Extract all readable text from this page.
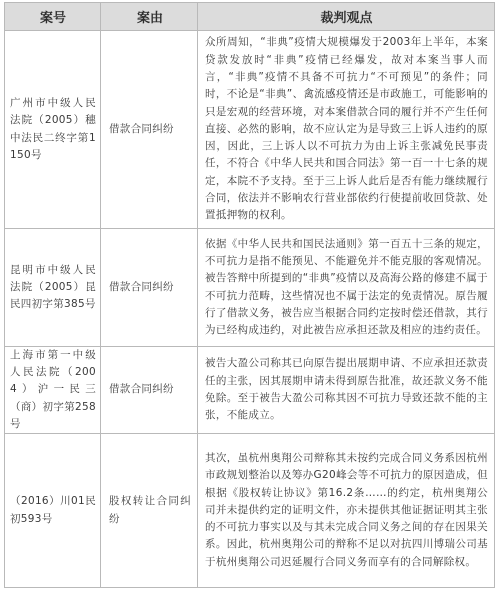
案号	案由	裁判观点
广州市中级人民法院（2005）穗中法民二终字第1150号
借款合同纠纷
众所周知，“非典”疫情大规模爆发于2003年上半年，本案贷款发放时“非典”疫情已经爆发，故对本案当事人而言，“非典”疫情不具备不可抗力“不可预见”的条件；同时，不论是“非典”、禽流感疫情还是市政施工，可能影响的只是宏观的经营环境，对本案借款合同的履行并不产生任何直接、必然的影响，故不应认定为是导致三上诉人违约的原因，因此，三上诉人以不可抗力为由上诉主张减免民事责任，不符合《中华人民共和国合同法》第一百一十七条的规定，本院不予支持。至于三上诉人此后是否有能力继续履行合同，依法并不影响农行营业部依约行使提前收回贷款、处置抵押物的权利。
昆明市中级人民法院（2005）昆民四初字第385号
借款合同纠纷
依据《中华人民共和国民法通则》第一百五十三条的规定，不可抗力是指不能预见、不能避免并不能克服的客观情况。被告答辩中所提到的“非典”疫情以及高海公路的修建不属于不可抗力范畴，这些情况也不属于法定的免责情况。原告履行了借款义务，被告应当根据合同约定按时偿还借款，其行为已经构成违约，对此被告应承担还款及相应的违约责任。
上海市第一中级人民法院（2004）沪一民三（商）初字第258号
借款合同纠纷
被告大盈公司称其已向原告提出展期申请、不应承担还款责任的主张，因其展期申请未得到原告批准，故还款义务不能免除。至于被告大盈公司称其因不可抗力导致还款不能的主张，不能成立。
（2016）川01民初593号
股权转让合同纠纷
其次，虽杭州奥翔公司辩称其未按约完成合同义务系因杭州市政规划整治以及筹办G20峰会等不可抗力的原因造成，但根据《股权转让协议》第16.2条……的约定，杭州奥翔公司并未提供约定的证明文件，亦未提供其他证据证明其主张的不可抗力事实以及与其未完成合同义务之间的存在因果关系。因此，杭州奥翔公司的辩称不足以对抗四川博瑞公司基于杭州奥翔公司迟延履行合同义务而享有的合同解除权。
